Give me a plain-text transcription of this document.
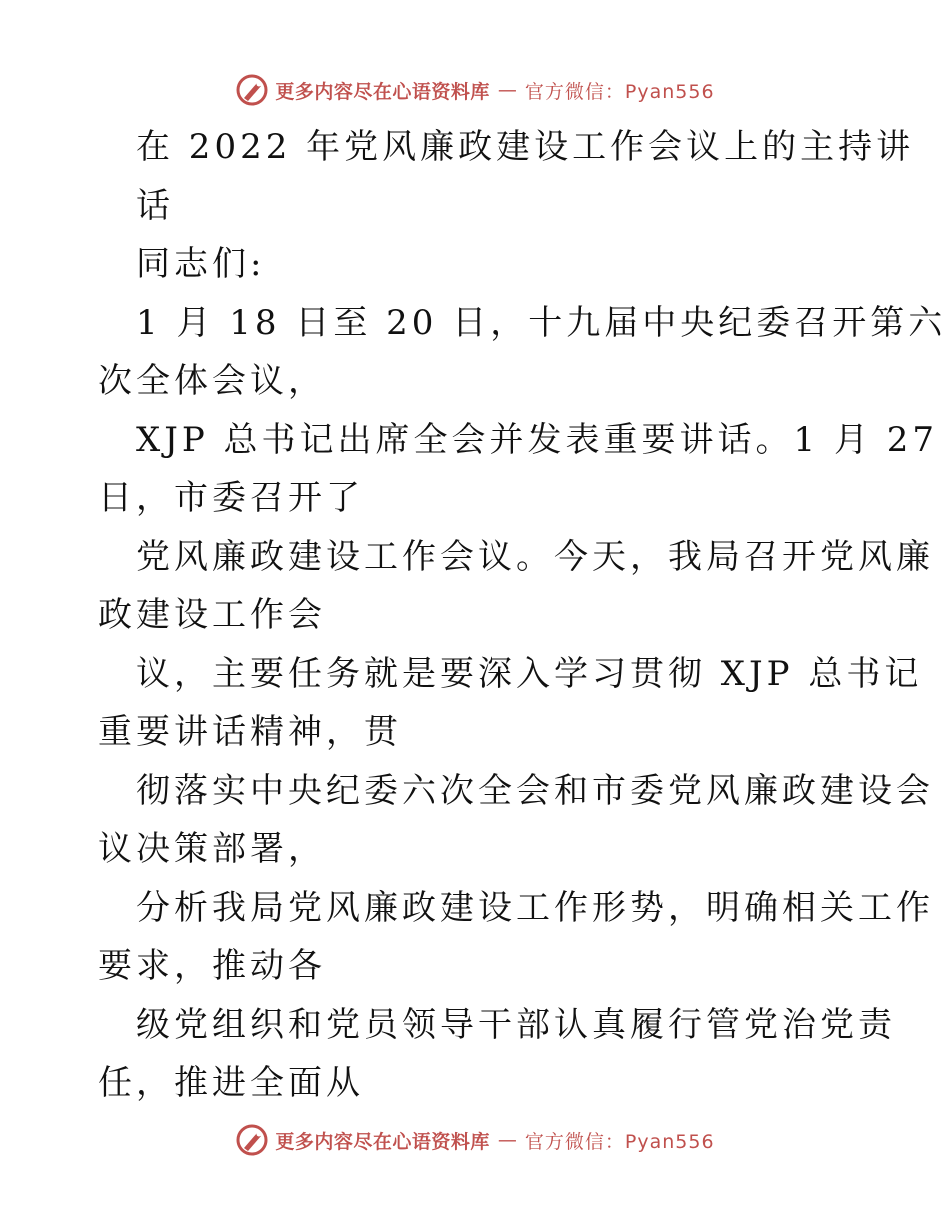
更多内容尽在心语资料库 — 官方微信：Pyan556
在 2022 年党风廉政建设工作会议上的主持讲
话
同志们:
1 月 18 日至 20 日，十九届中央纪委召开第六
次全体会议，
XJP 总书记出席全会并发表重要讲话。1 月 27
日，市委召开了
党风廉政建设工作会议。今天，我局召开党风廉
政建设工作会
议，主要任务就是要深入学习贯彻 XJP 总书记
重要讲话精神，贯
彻落实中央纪委六次全会和市委党风廉政建设会
议决策部署，
分析我局党风廉政建设工作形势，明确相关工作
要求，推动各
级党组织和党员领导干部认真履行管党治党责
任，推进全面从
更多内容尽在心语资料库 — 官方微信：Pyan556
